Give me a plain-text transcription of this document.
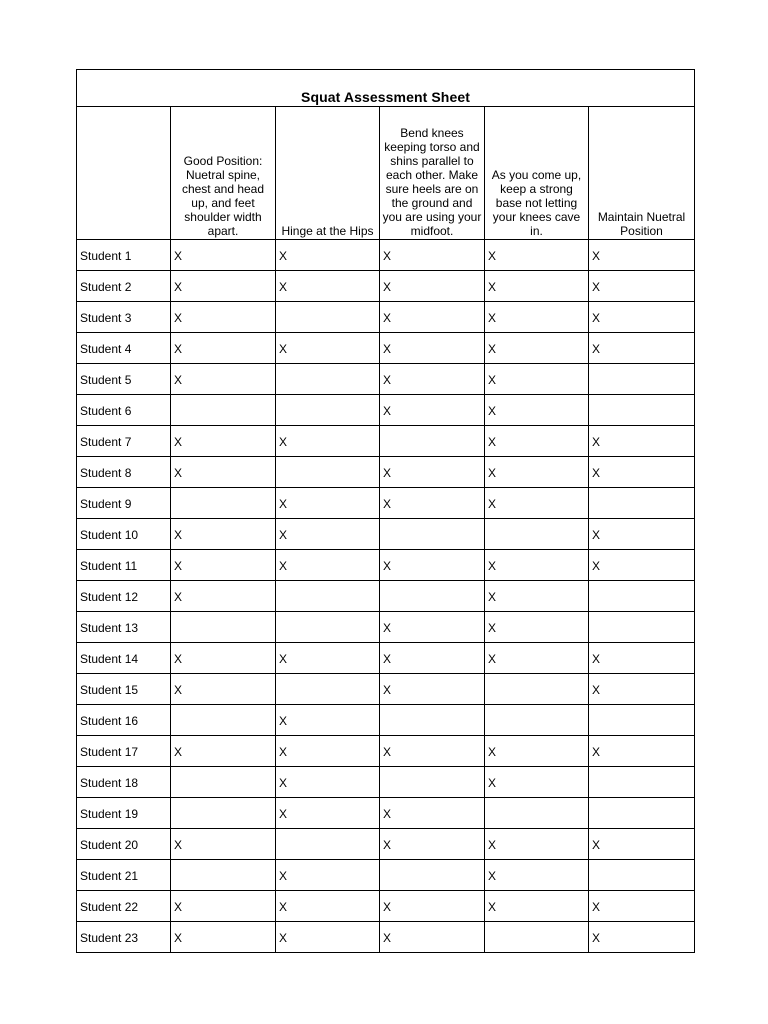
Squat Assessment Sheet					
	Good Position: Nuetral spine, chest and head up, and feet shoulder width apart.	Hinge at the Hips	Bend knees keeping torso and shins parallel to each other. Make sure heels are on the ground and you are using your midfoot.	As you come up, keep a strong base not letting your knees cave in.	Maintain Nuetral Position
Student 1	X	X	X	X	X
Student 2	X	X	X	X	X
Student 3	X		X	X	X
Student 4	X	X	X	X	X
Student 5	X		X	X	
Student 6			X	X	
Student 7	X	X		X	X
Student 8	X		X	X	X
Student 9		X	X	X	
Student 10	X	X			X
Student 11	X	X	X	X	X
Student 12	X			X	
Student 13			X	X	
Student 14	X	X	X	X	X
Student 15	X		X		X
Student 16		X			
Student 17	X	X	X	X	X
Student 18		X		X	
Student 19		X	X		
Student 20	X		X	X	X
Student 21		X		X	
Student 22	X	X	X	X	X
Student 23	X	X	X		X
